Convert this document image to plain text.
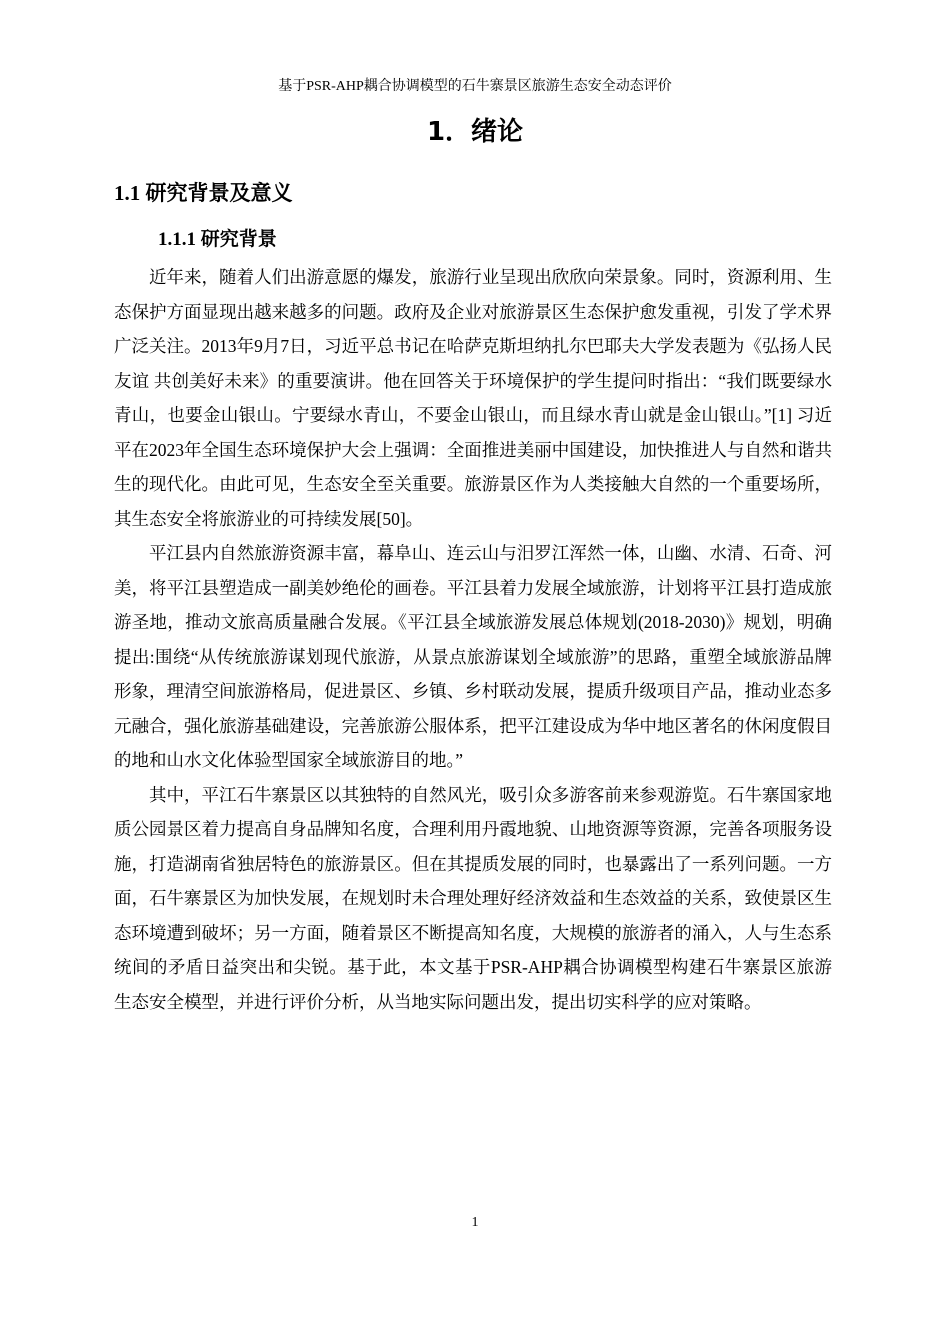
基于PSR-AHP耦合协调模型的石牛寨景区旅游生态安全动态评价
1．绪论
1.1 研究背景及意义
1.1.1 研究背景

近年来，随着人们出游意愿的爆发，旅游行业呈现出欣欣向荣景象。同时，资源利用、生态保护方面显现出越来越多的问题。政府及企业对旅游景区生态保护愈发重视，引发了学术界广泛关注。2013年9月7日，习近平总书记在哈萨克斯坦纳扎尔巴耶夫大学发表题为《弘扬人民友谊 共创美好未来》的重要演讲。他在回答关于环境保护的学生提问时指出：“我们既要绿水青山，也要金山银山。宁要绿水青山，不要金山银山，而且绿水青山就是金山银山。”[1] 习近平在2023年全国生态环境保护大会上强调：全面推进美丽中国建设，加快推进人与自然和谐共生的现代化。由此可见，生态安全至关重要。旅游景区作为人类接触大自然的一个重要场所，其生态安全将旅游业的可持续发展[50]。

平江县内自然旅游资源丰富，幕阜山、连云山与汨罗江浑然一体，山幽、水清、石奇、河美，将平江县塑造成一副美妙绝伦的画卷。平江县着力发展全域旅游，计划将平江县打造成旅游圣地，推动文旅高质量融合发展。《平江县全域旅游发展总体规划(2018-2030)》规划，明确提出:围绕“从传统旅游谋划现代旅游，从景点旅游谋划全域旅游”的思路，重塑全域旅游品牌形象，理清空间旅游格局，促进景区、乡镇、乡村联动发展，提质升级项目产品，推动业态多元融合，强化旅游基础建设，完善旅游公服体系，把平江建设成为华中地区著名的休闲度假目的地和山水文化体验型国家全域旅游目的地。”

其中，平江石牛寨景区以其独特的自然风光，吸引众多游客前来参观游览。石牛寨国家地质公园景区着力提高自身品牌知名度，合理利用丹霞地貌、山地资源等资源，完善各项服务设施，打造湖南省独居特色的旅游景区。但在其提质发展的同时，也暴露出了一系列问题。一方面，石牛寨景区为加快发展，在规划时未合理处理好经济效益和生态效益的关系，致使景区生态环境遭到破坏；另一方面，随着景区不断提高知名度，大规模的旅游者的涌入，人与生态系统间的矛盾日益突出和尖锐。基于此，本文基于PSR-AHP耦合协调模型构建石牛寨景区旅游生态安全模型，并进行评价分析，从当地实际问题出发，提出切实科学的应对策略。

1
